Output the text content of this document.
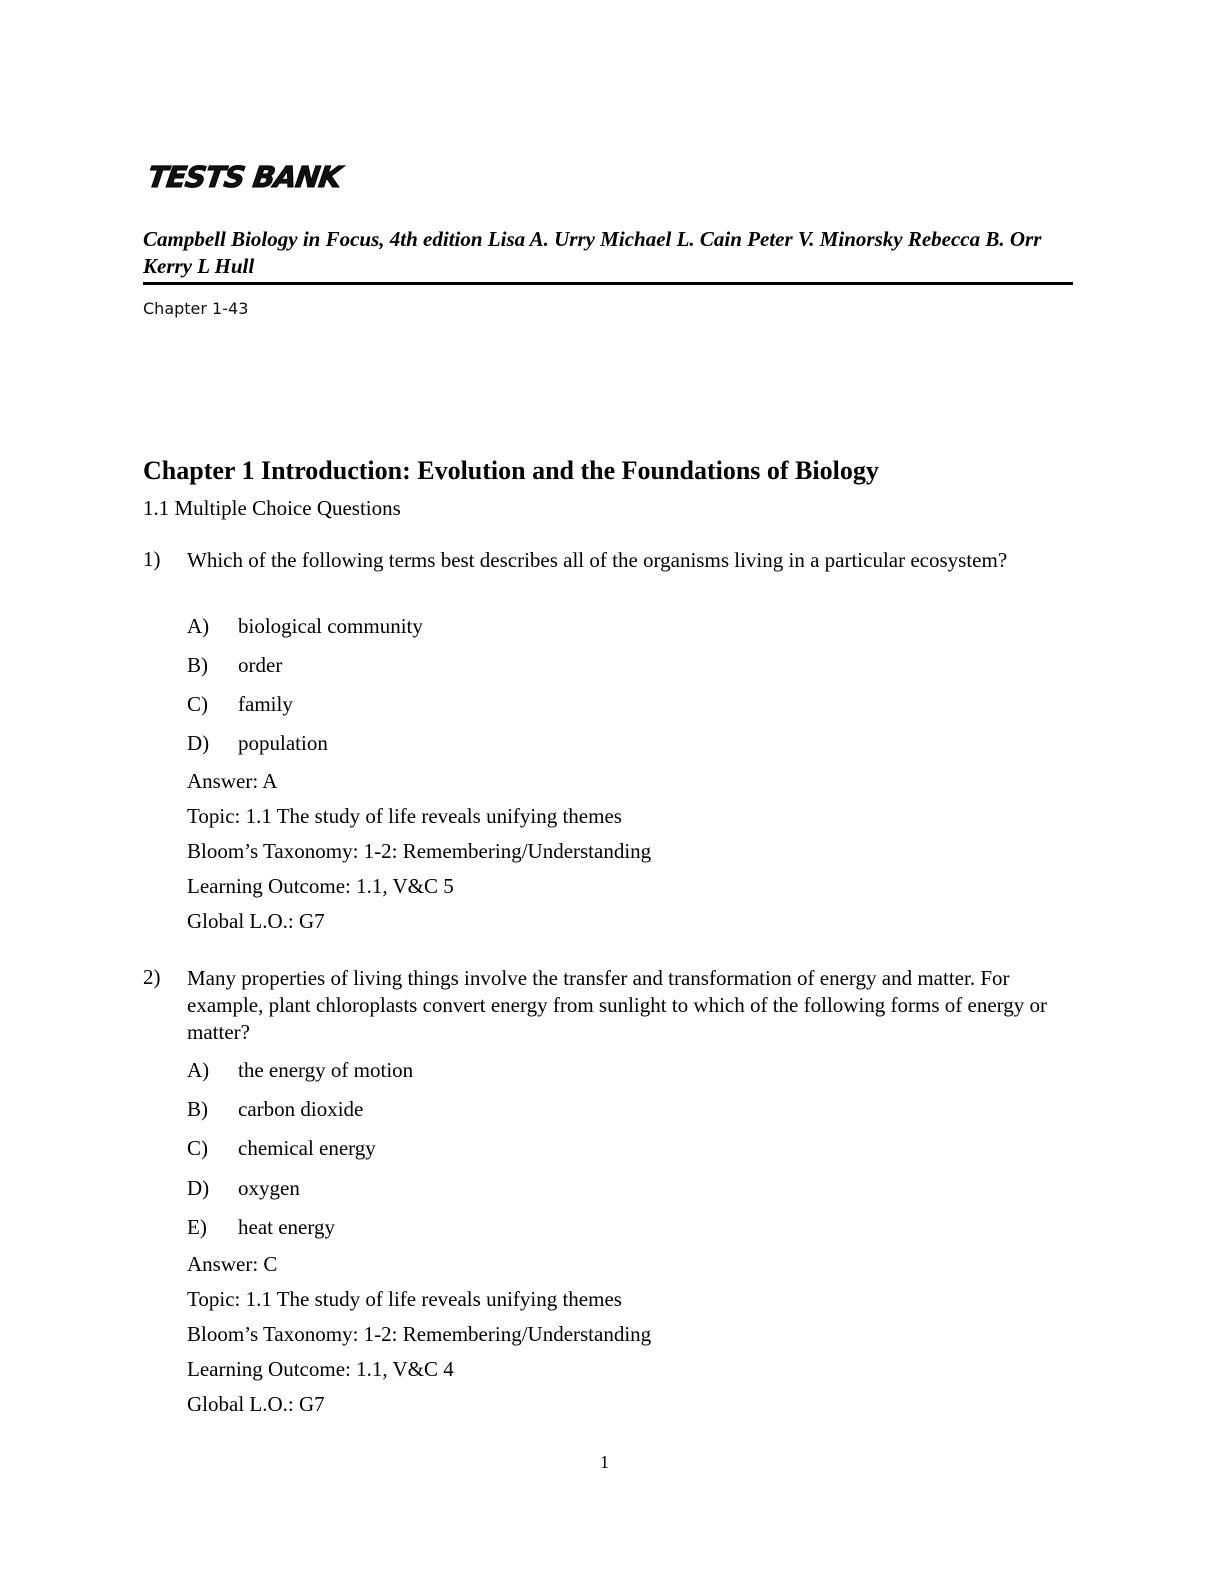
TESTS BANK
Campbell Biology in Focus, 4th edition Lisa A. Urry Michael L. Cain Peter V. Minorsky Rebecca B. Orr Kerry L Hull
Chapter 1-43
Chapter 1 Introduction: Evolution and the Foundations of Biology
1.1 Multiple Choice Questions
1) Which of the following terms best describes all of the organisms living in a particular ecosystem?
A) biological community
B) order
C) family
D) population
Answer: A
Topic: 1.1 The study of life reveals unifying themes
Bloom’s Taxonomy: 1-2: Remembering/Understanding
Learning Outcome: 1.1, V&C 5
Global L.O.: G7
2) Many properties of living things involve the transfer and transformation of energy and matter. For example, plant chloroplasts convert energy from sunlight to which of the following forms of energy or matter?
A) the energy of motion
B) carbon dioxide
C) chemical energy
D) oxygen
E) heat energy
Answer: C
Topic: 1.1 The study of life reveals unifying themes
Bloom’s Taxonomy: 1-2: Remembering/Understanding
Learning Outcome: 1.1, V&C 4
Global L.O.: G7
1
